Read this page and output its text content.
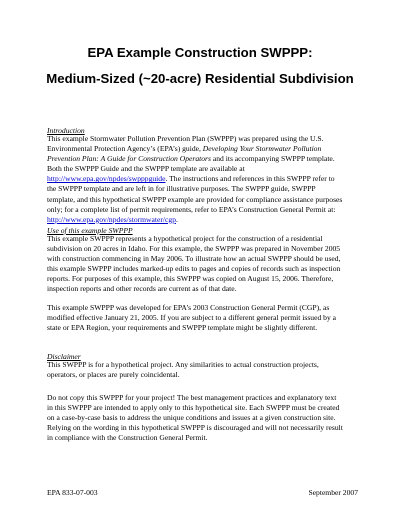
EPA Example Construction SWPPP:
Medium-Sized (~20-acre) Residential Subdivision
Introduction
This example Stormwater Pollution Prevention Plan (SWPPP) was prepared using the U.S.
Environmental Protection Agency’s (EPA’s) guide, Developing Your Stormwater Pollution
Prevention Plan: A Guide for Construction Operators and its accompanying SWPPP template.
Both the SWPPP Guide and the SWPPP template are available at
http://www.epa.gov/npdes/swpppguide. The instructions and references in this SWPPP refer to
the SWPPP template and are left in for illustrative purposes. The SWPPP guide, SWPPP
template, and this hypothetical SWPPP example are provided for compliance assistance purposes
only; for a complete list of permit requirements, refer to EPA’s Construction General Permit at:
http://www.epa.gov/npdes/stormwater/cgp.
Use of this example SWPPP
This example SWPPP represents a hypothetical project for the construction of a residential
subdivision on 20 acres in Idaho. For this example, the SWPPP was prepared in November 2005
with construction commencing in May 2006. To illustrate how an actual SWPPP should be used,
this example SWPPP includes marked-up edits to pages and copies of records such as inspection
reports. For purposes of this example, this SWPPP was copied on August 15, 2006. Therefore,
inspection reports and other records are current as of that date.
This example SWPPP was developed for EPA’s 2003 Construction General Permit (CGP), as
modified effective January 21, 2005. If you are subject to a different general permit issued by a
state or EPA Region, your requirements and SWPPP template might be slightly different.
Disclaimer
This SWPPP is for a hypothetical project. Any similarities to actual construction projects,
operators, or places are purely coincidental.
Do not copy this SWPPP for your project! The best management practices and explanatory text
in this SWPPP are intended to apply only to this hypothetical site. Each SWPPP must be created
on a case-by-case basis to address the unique conditions and issues at a given construction site.
Relying on the wording in this hypothetical SWPPP is discouraged and will not necessarily result
in compliance with the Construction General Permit.
EPA 833-07-003	September 2007
